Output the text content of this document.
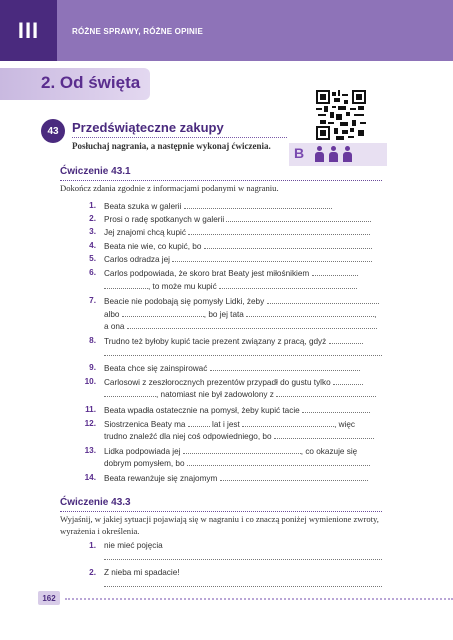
III	RÓŻNE SPRAWY, RÓŻNE OPINIE
2. Od święta
43	Przedświąteczne zakupy
Posłuchaj nagrania, a następnie wykonaj ćwiczenia. B
Ćwiczenie 43.1
Dokończ zdania zgodnie z informacjami podanymi w nagraniu.
1. Beata szuka w galerii
2. Prosi o radę spotkanych w galerii
3. Jej znajomi chcą kupić
4. Beata nie wie, co kupić, bo
5. Carlos odradza jej
6. Carlos podpowiada, że skoro brat Beaty jest miłośnikiem
, to może mu kupić
7. Beacie nie podobają się pomysły Lidki, żeby
albo	, bo jej tata	,
a ona
8. Trudno też byłoby kupić tacie prezent związany z pracą, gdyż
9. Beata chce się zainspirować
10. Carlosowi z zeszłorocznych prezentów przypadł do gustu tylko
, natomiast nie był zadowolony z
11. Beata wpadła ostatecznie na pomysł, żeby kupić tacie
12. Siostrzenica Beaty ma	lat i jest	, więc
trudno znaleźć dla niej coś odpowiedniego, bo
13. Lidka podpowiada jej	, co okazuje się
dobrym pomysłem, bo
14. Beata rewanżuje się znajomym
Ćwiczenie 43.3
Wyjaśnij, w jakiej sytuacji pojawiają się w nagraniu i co znaczą poniżej wymienione zwroty, wyrażenia i określenia.
1. nie mieć pojęcia
2. Z nieba mi spadacie!
162
